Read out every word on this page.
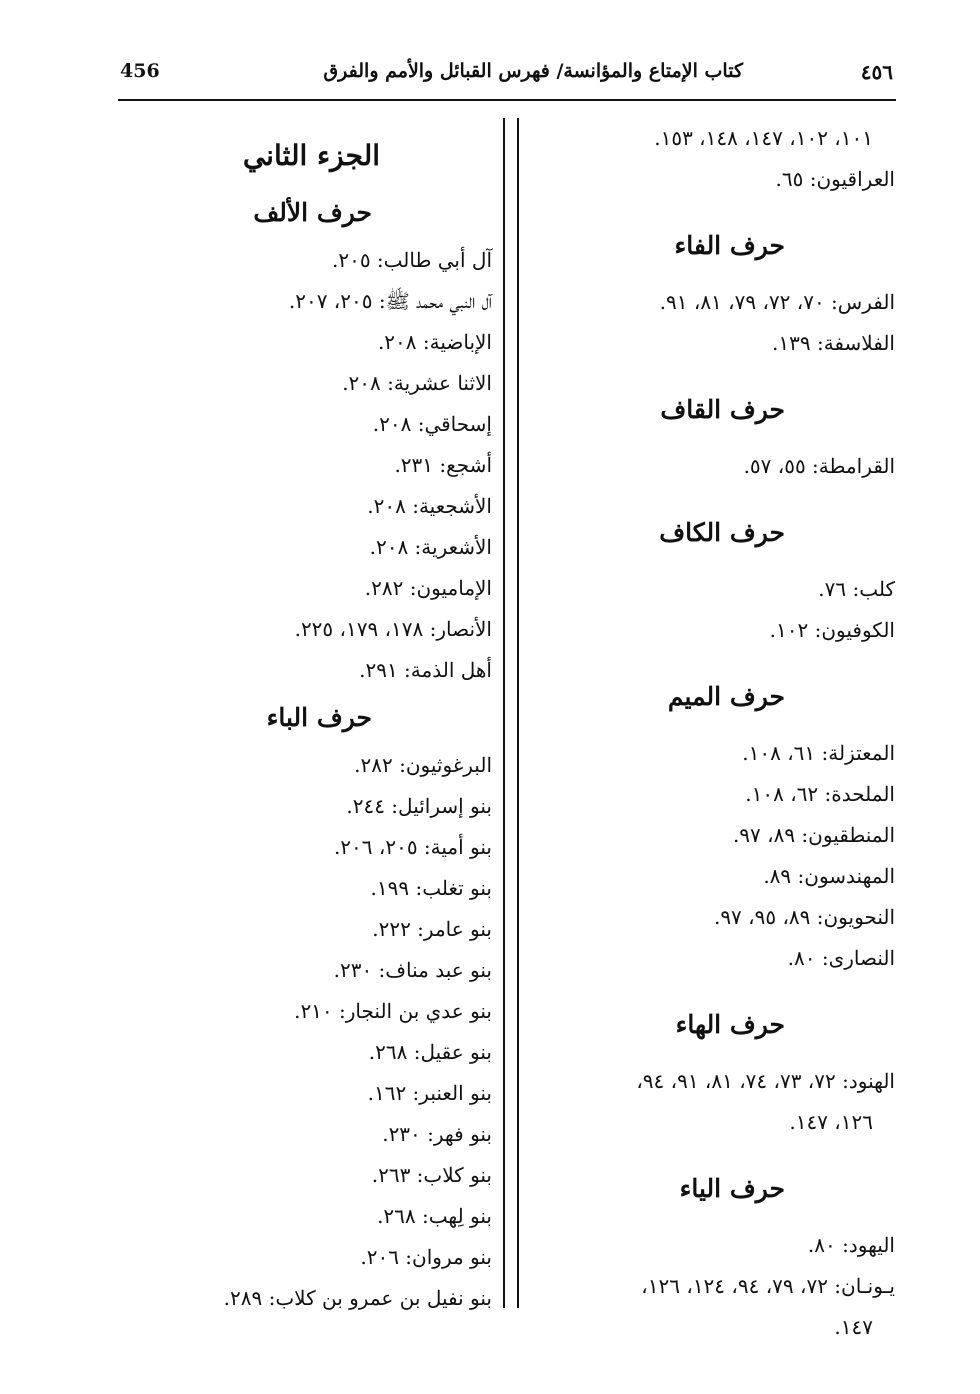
456	كتاب الإمتاع والمؤانسة/ فهرس القبائل والأمم والفرق	٤٥٦
١٠١، ١٠٢، ١٤٧، ١٤٨، ١٥٣.
العراقيون: ٦٥.
حرف الفاء
الفرس: ٧٠، ٧٢، ٧٩، ٨١، ٩١.
الفلاسفة: ١٣٩.
حرف القاف
القرامطة: ٥٥، ٥٧.
حرف الكاف
كلب: ٧٦.
الكوفيون: ١٠٢.
حرف الميم
المعتزلة: ٦١، ١٠٨.
الملحدة: ٦٢، ١٠٨.
المنطقيون: ٨٩، ٩٧.
المهندسون: ٨٩.
النحويون: ٨٩، ٩٥، ٩٧.
النصارى: ٨٠.
حرف الهاء
الهنود: ٧٢، ٧٣، ٧٤، ٨١، ٩١، ٩٤،
١٢٦، ١٤٧.
حرف الياء
اليهود: ٨٠.
يـونـان: ٧٢، ٧٩، ٩٤، ١٢٤، ١٢٦،
١٤٧.
الجزء الثاني
حرف الألف
آل أبي طالب: ٢٠٥.
آل النبي محمد ﷺ: ٢٠٥، ٢٠٧.
الإباضية: ٢٠٨.
الاثنا عشرية: ٢٠٨.
إسحاقي: ٢٠٨.
أشجع: ٢٣١.
الأشجعية: ٢٠٨.
الأشعرية: ٢٠٨.
الإماميون: ٢٨٢.
الأنصار: ١٧٨، ١٧٩، ٢٢٥.
أهل الذمة: ٢٩١.
حرف الباء
البرغوثيون: ٢٨٢.
بنو إسرائيل: ٢٤٤.
بنو أمية: ٢٠٥، ٢٠٦.
بنو تغلب: ١٩٩.
بنو عامر: ٢٢٢.
بنو عبد مناف: ٢٣٠.
بنو عدي بن النجار: ٢١٠.
بنو عقيل: ٢٦٨.
بنو العنبر: ١٦٢.
بنو فهر: ٢٣٠.
بنو كلاب: ٢٦٣.
بنو لِهب: ٢٦٨.
بنو مروان: ٢٠٦.
بنو نفيل بن عمرو بن كلاب: ٢٨٩.
